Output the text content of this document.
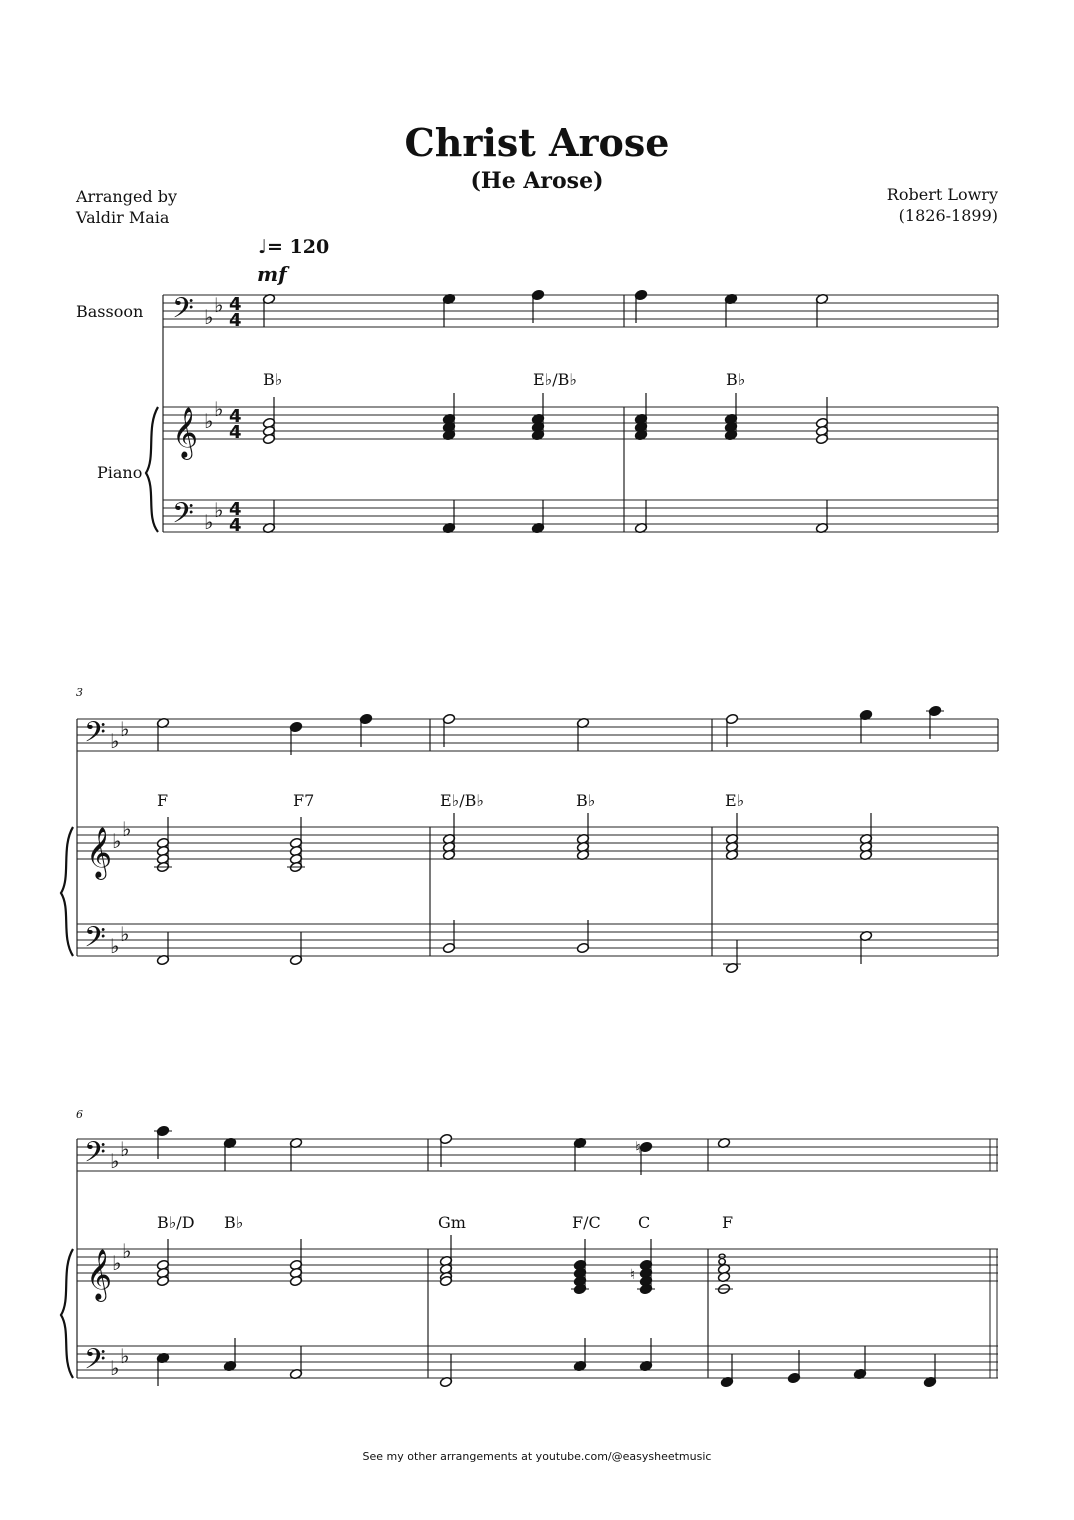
Christ Arose
(He Arose)
Arranged by
Valdir Maia
Robert Lowry
(1826-1899)
♩= 120
mf
Bassoon
Piano
3
6
B♭	E♭/B♭	B♭
F	F7	E♭/B♭	B♭	E♭
B♭/D B♭	Gm	F/C C	F
𝄢 ♭ ♭ 4
4
𝄞 ♭ ♭ 4
4
𝄢 ♭ ♭ 4
4
𝄢 ♭ ♭
𝄞 ♭ ♭
𝄢 ♭ ♭
𝄢 ♭ ♭
𝄞 ♭ ♭
𝄢 ♭ ♭
♮
♮
8
See my other arrangements at youtube.com/@easysheetmusic
